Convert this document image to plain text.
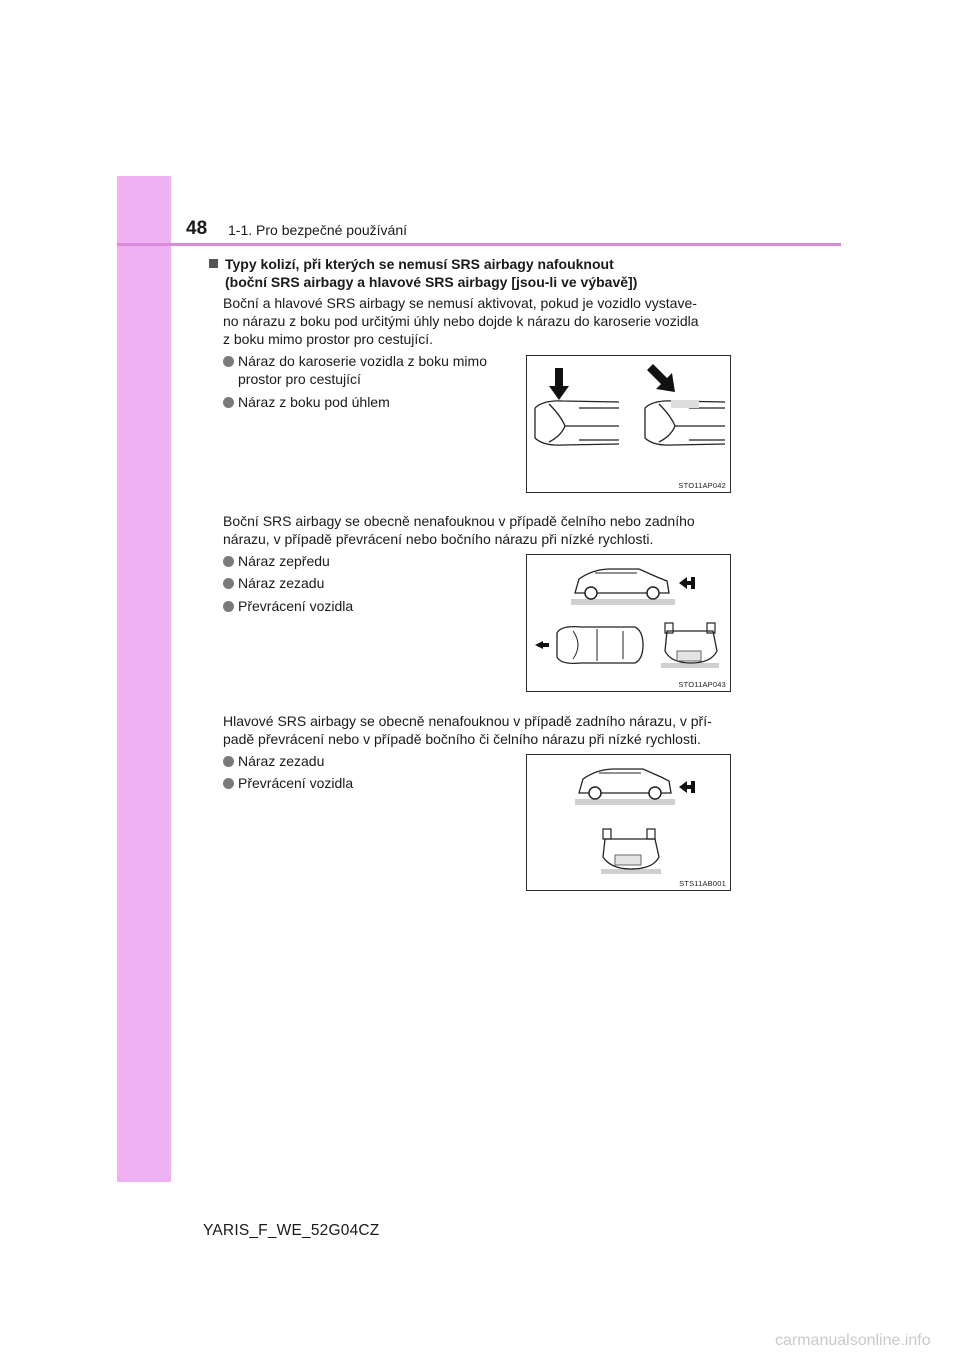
48 1-1. Pro bezpečné používání
Typy kolizí, při kterých se nemusí SRS airbagy nafouknout
(boční SRS airbagy a hlavové SRS airbagy [jsou-li ve výbavě])
Boční a hlavové SRS airbagy se nemusí aktivovat, pokud je vozidlo vystave-
no nárazu z boku pod určitými úhly nebo dojde k nárazu do karoserie vozidla
z boku mimo prostor pro cestující.
Náraz do karoserie vozidla z boku mimo
prostor pro cestující
Náraz z boku pod úhlem
STO11AP042
Boční SRS airbagy se obecně nenafouknou v případě čelního nebo zadního
nárazu, v případě převrácení nebo bočního nárazu při nízké rychlosti.
Náraz zepředu
Náraz zezadu
Převrácení vozidla
STO11AP043
Hlavové SRS airbagy se obecně nenafouknou v případě zadního nárazu, v pří-
padě převrácení nebo v případě bočního či čelního nárazu při nízké rychlosti.
Náraz zezadu
Převrácení vozidla
STS11AB001
YARIS_F_WE_52G04CZ
carmanualsonline.info
